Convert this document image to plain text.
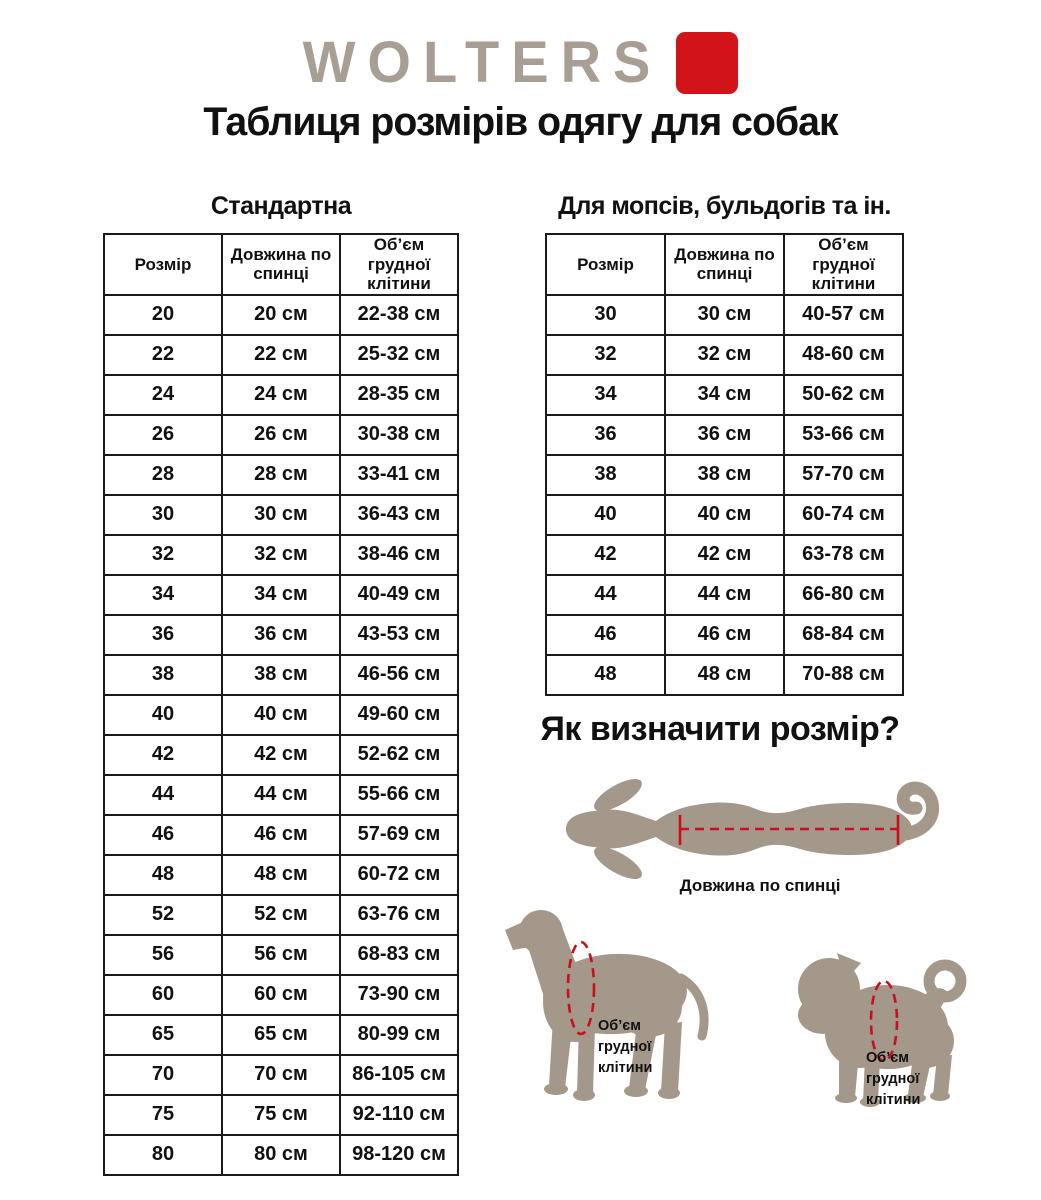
WOLTERS
Таблиця розмірів одягу для собак
Стандартна
Розмір	Довжина по спинці	Об’єм грудної клітини
20	20 см	22-38 см
22	22 см	25-32 см
24	24 см	28-35 см
26	26 см	30-38 см
28	28 см	33-41 см
30	30 см	36-43 см
32	32 см	38-46 см
34	34 см	40-49 см
36	36 см	43-53 см
38	38 см	46-56 см
40	40 см	49-60 см
42	42 см	52-62 см
44	44 см	55-66 см
46	46 см	57-69 см
48	48 см	60-72 см
52	52 см	63-76 см
56	56 см	68-83 см
60	60 см	73-90 см
65	65 см	80-99 см
70	70 см	86-105 см
75	75 см	92-110 см
80	80 см	98-120 см
Для мопсів, бульдогів та ін.
Розмір	Довжина по спинці	Об’єм грудної клітини
30	30 см	40-57 см
32	32 см	48-60 см
34	34 см	50-62 см
36	36 см	53-66 см
38	38 см	57-70 см
40	40 см	60-74 см
42	42 см	63-78 см
44	44 см	66-80 см
46	46 см	68-84 см
48	48 см	70-88 см
Як визначити розмір?
Довжина по спинці
Об’єм грудної клітини
Об’єм грудної клітини
